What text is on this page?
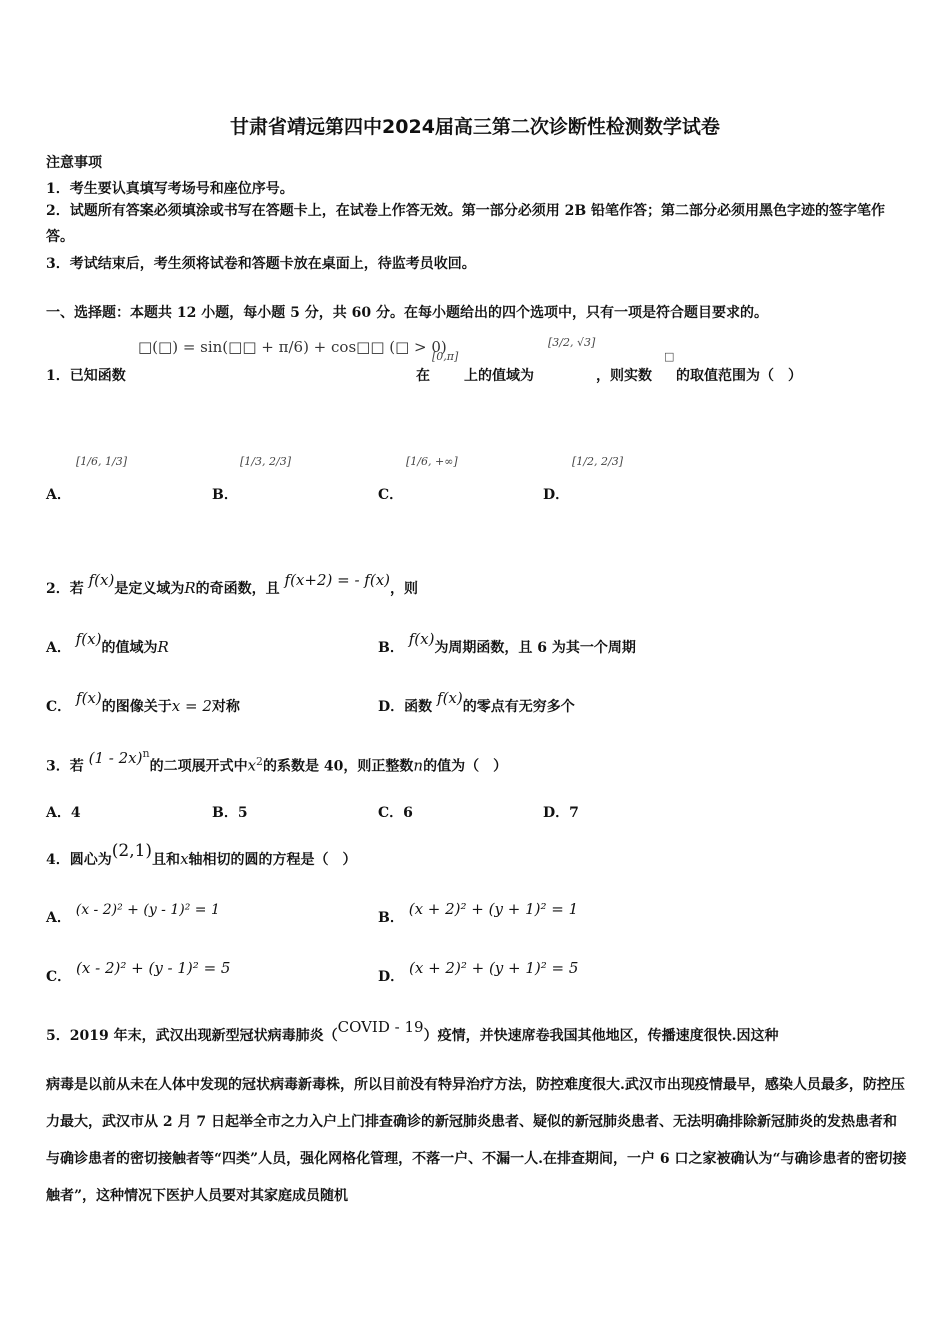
甘肃省靖远第四中2024届高三第二次诊断性检测数学试卷
注意事项
1．考生要认真填写考场号和座位序号。
2．试题所有答案必须填涂或书写在答题卡上，在试卷上作答无效。第一部分必须用 2B 铅笔作答；第二部分必须用黑色字迹的签字笔作答。
3．考试结束后，考生须将试卷和答题卡放在桌面上，待监考员收回。
一、选择题：本题共 12 小题，每小题 5 分，共 60 分。在每小题给出的四个选项中，只有一项是符合题目要求的。
□(□) = sin(□□ + π/6) + cos□□ (□ > 0)
1．已知函数	在
[0,π]
上的值域为
[3/2, √3]
，则实数
□
的取值范围为（　）
A．
[1/6, 1/3]
B．
[1/3, 2/3]
C．
[1/6, +∞]
D．
[1/2, 2/3]
2．若 f(x)是定义域为R的奇函数，且 f(x+2) = - f(x)，则
A． f(x)的值域为R	B． f(x)为周期函数，且 6 为其一个周期
C． f(x)的图像关于x = 2对称	D．函数 f(x)的零点有无穷多个
3．若 (1 - 2x)$^n$的二项展开式中$x^2$的系数是 40，则正整数n的值为（　）
A．4	B．5	C．6	D．7
4．圆心为(2,1)且和x轴相切的圆的方程是（　）
A． (x - 2)² + (y - 1)² = 1	B． (x + 2)² + (y + 1)² = 1
C． (x - 2)² + (y - 1)² = 5	D． (x + 2)² + (y + 1)² = 5
5．2019 年末，武汉出现新型冠状病毒肺炎（COVID - 19）疫情，并快速席卷我国其他地区，传播速度很快.因这种
病毒是以前从未在人体中发现的冠状病毒新毒株，所以目前没有特异治疗方法，防控难度很大.武汉市出现疫情最早，感染人员最多，防控压力最大，武汉市从 2 月 7 日起举全市之力入户上门排查确诊的新冠肺炎患者、疑似的新冠肺炎患者、无法明确排除新冠肺炎的发热患者和与确诊患者的密切接触者等“四类”人员，强化网格化管理，不落一户、不漏一人.在排查期间，一户 6 口之家被确认为“与确诊患者的密切接触者”，这种情况下医护人员要对其家庭成员随机
